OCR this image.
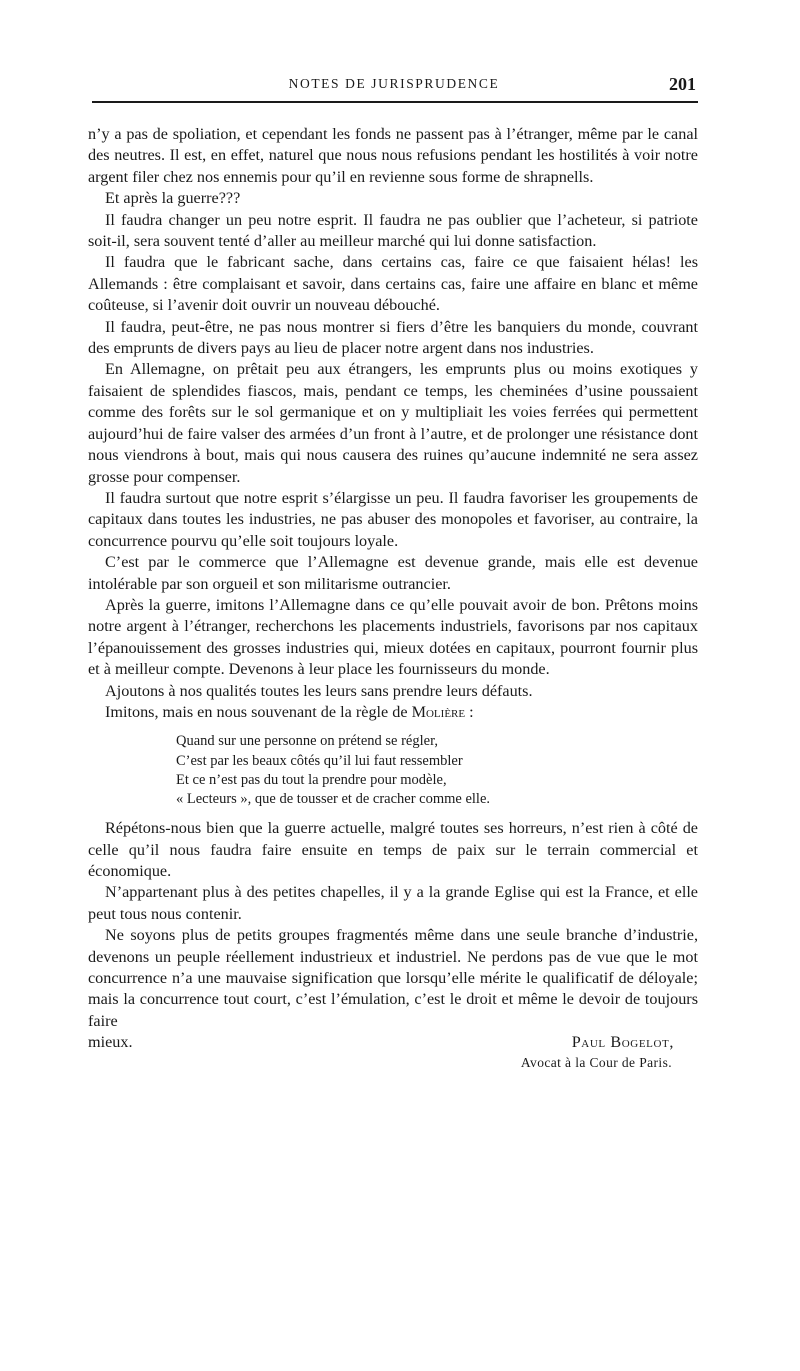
NOTES DE JURISPRUDENCE	201

n’y a pas de spoliation, et cependant les fonds ne passent pas à l’étranger, même par le canal des neutres. Il est, en effet, naturel que nous nous refusions pendant les hostilités à voir notre argent filer chez nos ennemis pour qu’il en revienne sous forme de shrapnells.

Et après la guerre???

Il faudra changer un peu notre esprit. Il faudra ne pas oublier que l’acheteur, si patriote soit-il, sera souvent tenté d’aller au meilleur marché qui lui donne satisfaction.

Il faudra que le fabricant sache, dans certains cas, faire ce que faisaient hélas! les Allemands : être complaisant et savoir, dans certains cas, faire une affaire en blanc et même coûteuse, si l’avenir doit ouvrir un nouveau débouché.

Il faudra, peut-être, ne pas nous montrer si fiers d’être les banquiers du monde, couvrant des emprunts de divers pays au lieu de placer notre argent dans nos industries.

En Allemagne, on prêtait peu aux étrangers, les emprunts plus ou moins exotiques y faisaient de splendides fiascos, mais, pendant ce temps, les cheminées d’usine poussaient comme des forêts sur le sol germanique et on y multipliait les voies ferrées qui permettent aujourd’hui de faire valser des armées d’un front à l’autre, et de prolonger une résistance dont nous viendrons à bout, mais qui nous causera des ruines qu’aucune indemnité ne sera assez grosse pour compenser.

Il faudra surtout que notre esprit s’élargisse un peu. Il faudra favoriser les groupements de capitaux dans toutes les industries, ne pas abuser des monopoles et favoriser, au contraire, la concurrence pourvu qu’elle soit toujours loyale.

C’est par le commerce que l’Allemagne est devenue grande, mais elle est devenue intolérable par son orgueil et son militarisme outrancier.

Après la guerre, imitons l’Allemagne dans ce qu’elle pouvait avoir de bon. Prêtons moins notre argent à l’étranger, recherchons les placements industriels, favorisons par nos capitaux l’épanouissement des grosses industries qui, mieux dotées en capitaux, pourront fournir plus et à meilleur compte. Devenons à leur place les fournisseurs du monde.

Ajoutons à nos qualités toutes les leurs sans prendre leurs défauts.

Imitons, mais en nous souvenant de la règle de Molière :

Quand sur une personne on prétend se régler,
C’est par les beaux côtés qu’il lui faut ressembler
Et ce n’est pas du tout la prendre pour modèle,
« Lecteurs », que de tousser et de cracher comme elle.

Répétons-nous bien que la guerre actuelle, malgré toutes ses horreurs, n’est rien à côté de celle qu’il nous faudra faire ensuite en temps de paix sur le terrain commercial et économique.

N’appartenant plus à des petites chapelles, il y a la grande Eglise qui est la France, et elle peut tous nous contenir.

Ne soyons plus de petits groupes fragmentés même dans une seule branche d’industrie, devenons un peuple réellement industrieux et industriel. Ne perdons pas de vue que le mot concurrence n’a une mauvaise signification que lorsqu’elle mérite le qualificatif de déloyale; mais la concurrence tout court, c’est l’émulation, c’est le droit et même le devoir de toujours faire

mieux.	Paul Bogelot,
Avocat à la Cour de Paris.
